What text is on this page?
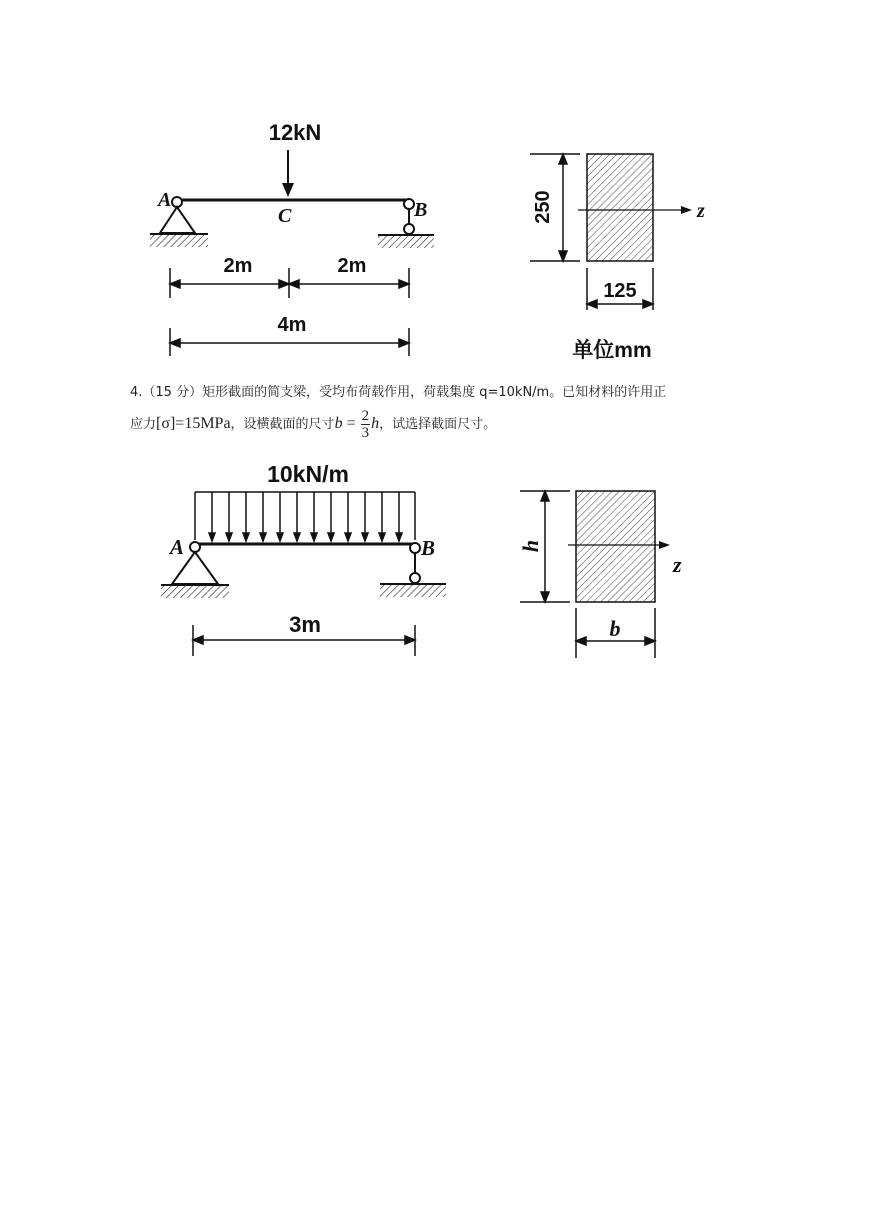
12kN
A	B
C
2m	2m
4m
z
250
125
单位mm
4.（15 分）矩形截面的简支梁，受均布荷载作用，荷载集度 q=10kN/m。已知材料的许用正
应力[σ]=15MPa，设横截面的尺寸$b = \frac{2}{3}$ h，试选择截面尺寸。
10kN/m
A	B
3m
z
h
b
